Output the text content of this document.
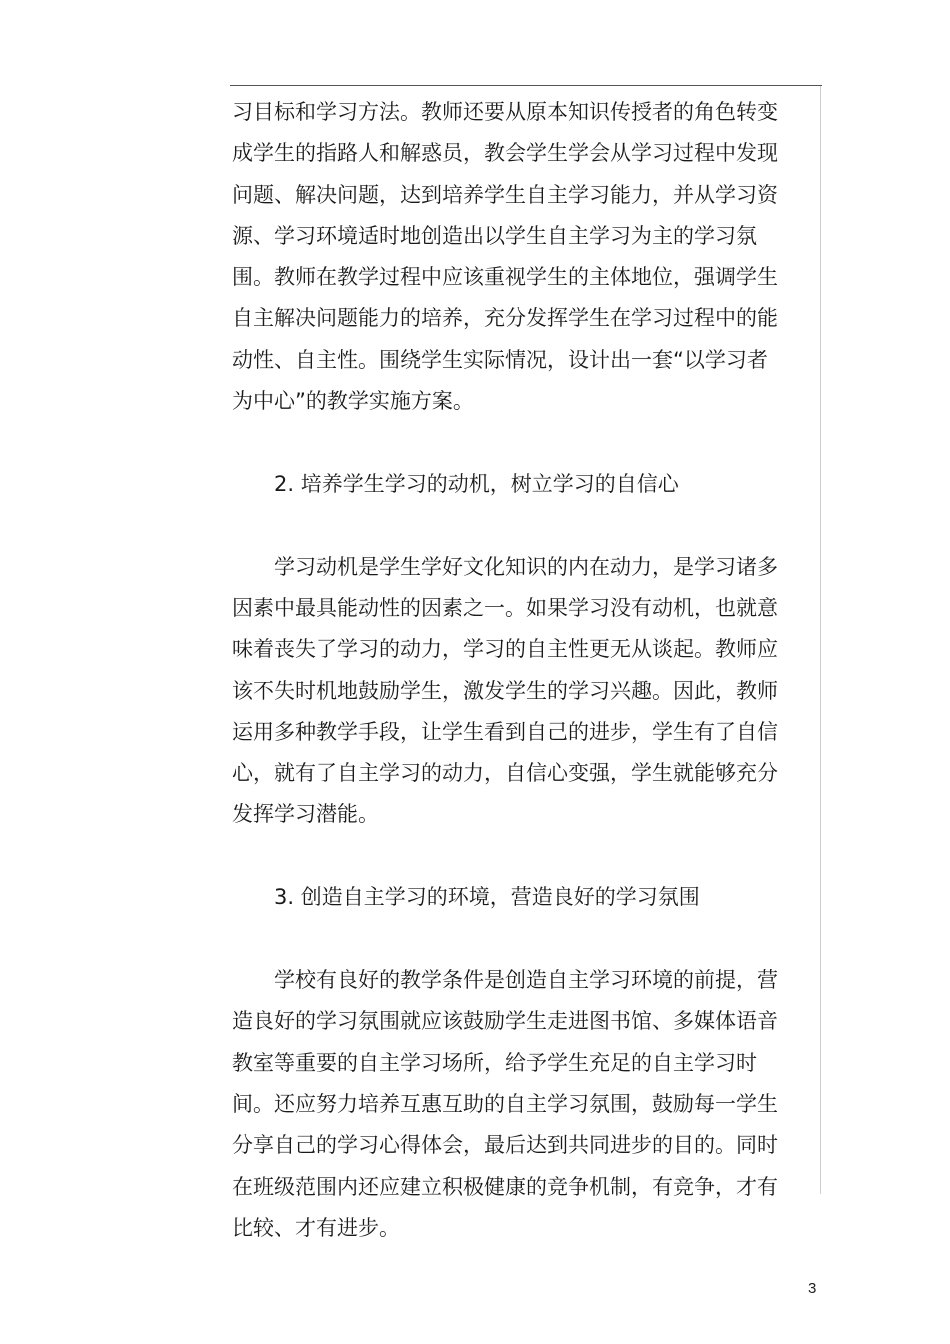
习目标和学习方法。教师还要从原本知识传授者的角色转变
成学生的指路人和解惑员，教会学生学会从学习过程中发现
问题、解决问题，达到培养学生自主学习能力，并从学习资
源、学习环境适时地创造出以学生自主学习为主的学习氛
围。教师在教学过程中应该重视学生的主体地位，强调学生
自主解决问题能力的培养，充分发挥学生在学习过程中的能
动性、自主性。围绕学生实际情况，设计出一套“以学习者
为中心”的教学实施方案。
2. 培养学生学习的动机，树立学习的自信心
学习动机是学生学好文化知识的内在动力，是学习诸多
因素中最具能动性的因素之一。如果学习没有动机，也就意
味着丧失了学习的动力，学习的自主性更无从谈起。教师应
该不失时机地鼓励学生，激发学生的学习兴趣。因此，教师
运用多种教学手段，让学生看到自己的进步，学生有了自信
心，就有了自主学习的动力，自信心变强，学生就能够充分
发挥学习潜能。
3. 创造自主学习的环境，营造良好的学习氛围
学校有良好的教学条件是创造自主学习环境的前提，营
造良好的学习氛围就应该鼓励学生走进图书馆、多媒体语音
教室等重要的自主学习场所，给予学生充足的自主学习时
间。还应努力培养互惠互助的自主学习氛围，鼓励每一学生
分享自己的学习心得体会，最后达到共同进步的目的。同时
在班级范围内还应建立积极健康的竞争机制，有竞争，才有
比较、才有进步。
3
